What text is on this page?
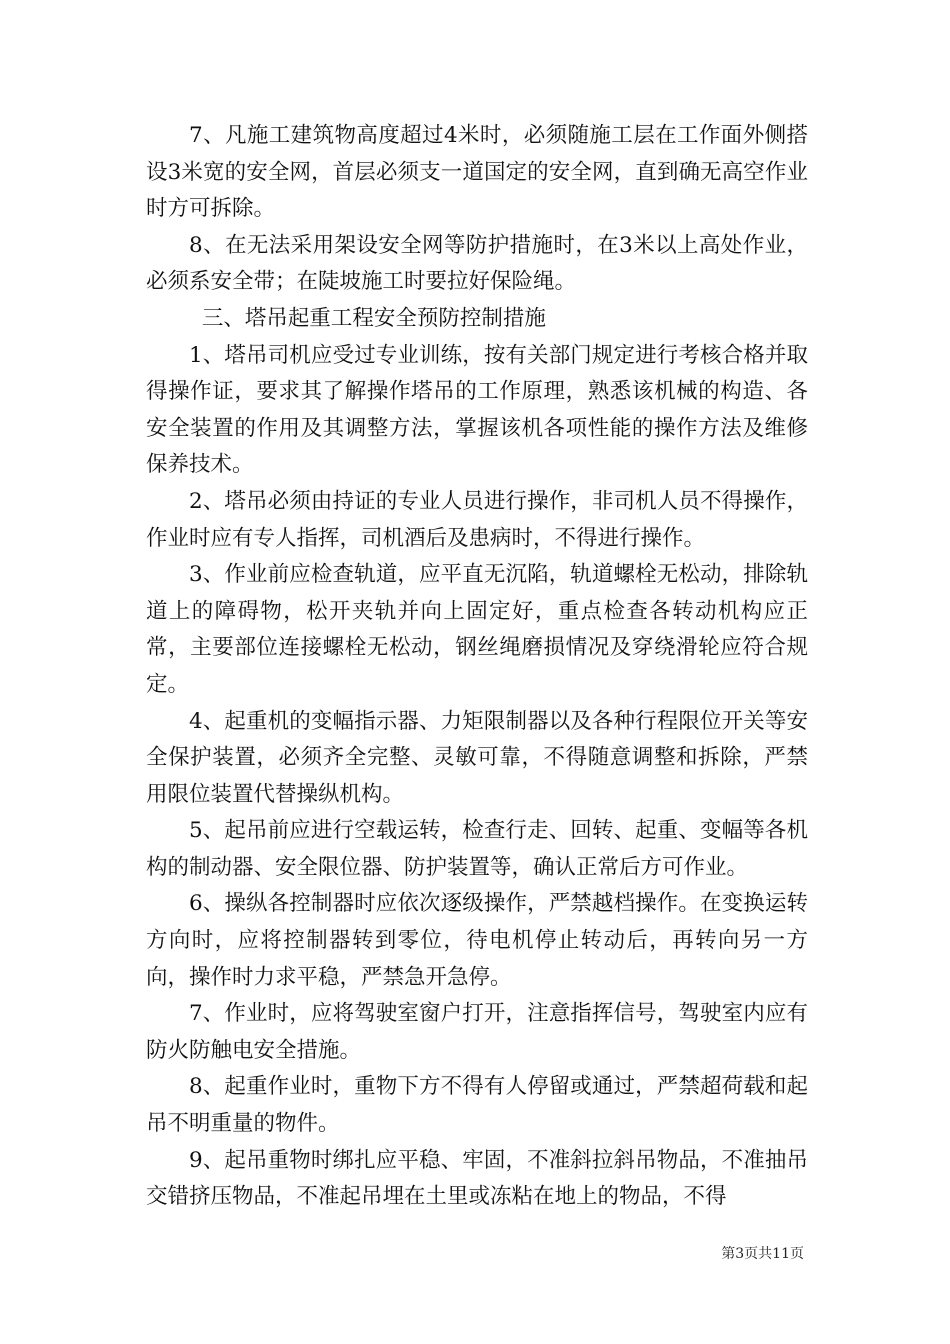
7、凡施工建筑物高度超过4米时，必须随施工层在工作面外侧搭设3米宽的安全网，首层必须支一道国定的安全网，直到确无高空作业时方可拆除。

8、在无法采用架设安全网等防护措施时，在3米以上高处作业，必须系安全带；在陡坡施工时要拉好保险绳。

三、塔吊起重工程安全预防控制措施

1、塔吊司机应受过专业训练，按有关部门规定进行考核合格并取得操作证，要求其了解操作塔吊的工作原理，熟悉该机械的构造、各安全装置的作用及其调整方法，掌握该机各项性能的操作方法及维修保养技术。

2、塔吊必须由持证的专业人员进行操作，非司机人员不得操作，作业时应有专人指挥，司机酒后及患病时，不得进行操作。

3、作业前应检查轨道，应平直无沉陷，轨道螺栓无松动，排除轨道上的障碍物，松开夹轨并向上固定好，重点检查各转动机构应正常，主要部位连接螺栓无松动，钢丝绳磨损情况及穿绕滑轮应符合规定。

4、起重机的变幅指示器、力矩限制器以及各种行程限位开关等安全保护装置，必须齐全完整、灵敏可靠，不得随意调整和拆除，严禁用限位装置代替操纵机构。

5、起吊前应进行空载运转，检查行走、回转、起重、变幅等各机构的制动器、安全限位器、防护装置等，确认正常后方可作业。

6、操纵各控制器时应依次逐级操作，严禁越档操作。在变换运转方向时，应将控制器转到零位，待电机停止转动后，再转向另一方向，操作时力求平稳，严禁急开急停。

7、作业时，应将驾驶室窗户打开，注意指挥信号，驾驶室内应有防火防触电安全措施。

8、起重作业时，重物下方不得有人停留或通过，严禁超荷载和起吊不明重量的物件。

9、起吊重物时绑扎应平稳、牢固，不准斜拉斜吊物品，不准抽吊交错挤压物品，不准起吊埋在土里或冻粘在地上的物品，不得

第3页共11页
